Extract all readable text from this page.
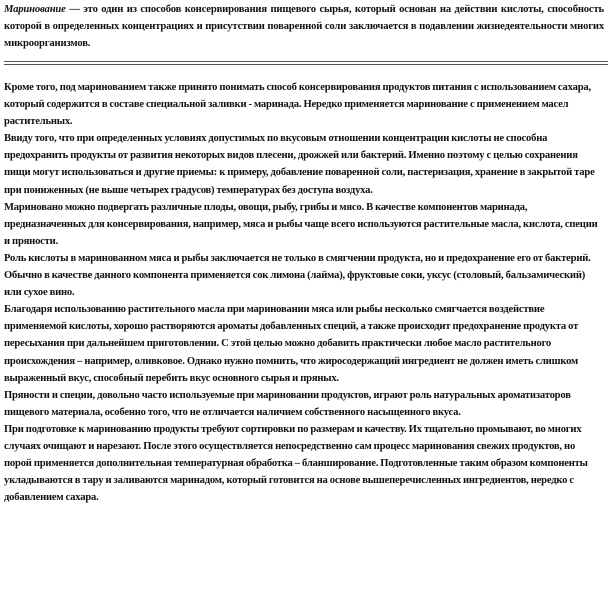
Маринование — это один из способов консервирования пищевого сырья, который основан на действии кислоты, способность которой в определенных концентрациях и присутствии поваренной соли заключается в подавлении жизнедеятельности многих микроорганизмов.

Кроме того, под маринованием также принято понимать способ консервирования продуктов питания с использованием сахара, который содержится в составе специальной заливки - маринада. Нередко применяется маринование с применением масел растительных.

Ввиду того, что при определенных условиях допустимых по вкусовым отношении концентрации кислоты не способна предохранить продукты от развития некоторых видов плесени, дрожжей или бактерий. Именно поэтому с целью сохранения пищи могут использоваться и другие приемы: к примеру, добавление поваренной соли, пастеризация, хранение в закрытой таре при пониженных (не выше четырех градусов) температурах без доступа воздуха.

Мариновано можно подвергать различные плоды, овощи, рыбу, грибы и мясо. В качестве компонентов маринада, предназначенных для консервирования, например, мяса и рыбы чаще всего используются растительные масла, кислота, специи и пряности.

Роль кислоты в маринованном мяса и рыбы заключается не только в смягчении продукта, но и предохранение его от бактерий. Обычно в качестве данного компонента применяется сок лимона (лайма), фруктовые соки, уксус (столовый, бальзамический) или сухое вино.

Благодаря использованию растительного масла при мариновании мяса или рыбы несколько смягчается воздействие применяемой кислоты, хорошо растворяются ароматы добавленных специй, а также происходит предохранение продукта от пересыхания при дальнейшем приготовлении. С этой целью можно добавить практически любое масло растительного происхождения – например, оливковое. Однако нужно помнить, что жиросодержащий ингредиент не должен иметь слишком выраженный вкус, способный перебить вкус основного сырья и пряных.

Пряности и специи, довольно часто используемые при мариновании продуктов, играют роль натуральных ароматизаторов пищевого материала, особенно того, что не отличается наличием собственного насыщенного вкуса.

При подготовке к маринованию продукты требуют сортировки по размерам и качеству. Их тщательно промывают, во многих случаях очищают и нарезают. После этого осуществляется непосредственно сам процесс маринования свежих продуктов, но порой применяется дополнительная температурная обработка – бланширование. Подготовленные таким образом компоненты укладываются в тару и заливаются маринадом, который готовится на основе вышеперечисленных ингредиентов, нередко с добавлением сахара.
